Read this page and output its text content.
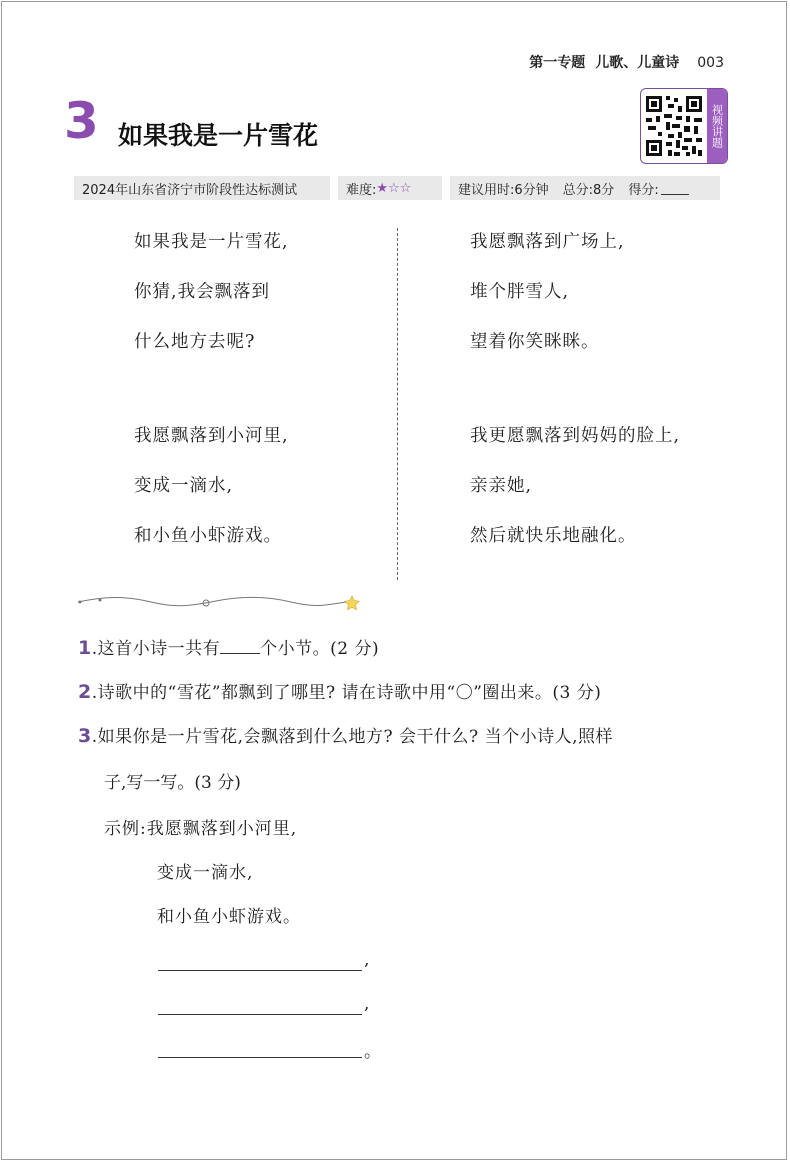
第一专题 儿歌、儿童诗 003
3 如果我是一片雪花	视频讲题
2024年山东省济宁市阶段性达标测试	难度: ★ ☆☆	建议用时:6分钟 总分:8分 得分:
如果我是一片雪花,
你猜,我会飘落到
什么地方去呢?
我愿飘落到小河里,
变成一滴水,
和小鱼小虾游戏。
我愿飘落到广场上,
堆个胖雪人,
望着你笑眯眯。
我更愿飘落到妈妈的脸上,
亲亲她,
然后就快乐地融化。
1.这首小诗一共有 个小节。(2 分)
2.诗歌中的“雪花”都飘到了哪里? 请在诗歌中用“〇”圈出来。(3 分)
3.如果你是一片雪花,会飘落到什么地方? 会干什么? 当个小诗人,照样
子,写一写。(3 分)
示例:我愿飘落到小河里,
变成一滴水,
和小鱼小虾游戏。
,
,
。
